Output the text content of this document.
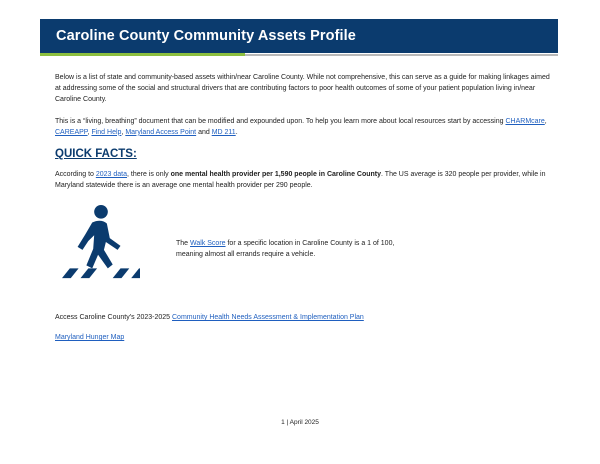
Caroline County Community Assets Profile
Below is a list of state and community-based assets within/near Caroline County. While not comprehensive, this can serve as a guide for making linkages aimed at addressing some of the social and structural drivers that are contributing factors to poor health outcomes of some of your patient population living in/near Caroline County.
This is a “living, breathing” document that can be modified and expounded upon. To help you learn more about local resources start by accessing CHARMcare, CAREAPP, Find Help, Maryland Access Point and MD 211.
QUICK FACTS:
According to 2023 data, there is only one mental health provider per 1,590 people in Caroline County. The US average is 320 people per provider, while in Maryland statewide there is an average one mental health provider per 290 people.
The Walk Score for a specific location in Caroline County is a 1 of 100,
meaning almost all errands require a vehicle.
Access Caroline County’s 2023-2025 Community Health Needs Assessment & Implementation Plan
Maryland Hunger Map
1 | April 2025
